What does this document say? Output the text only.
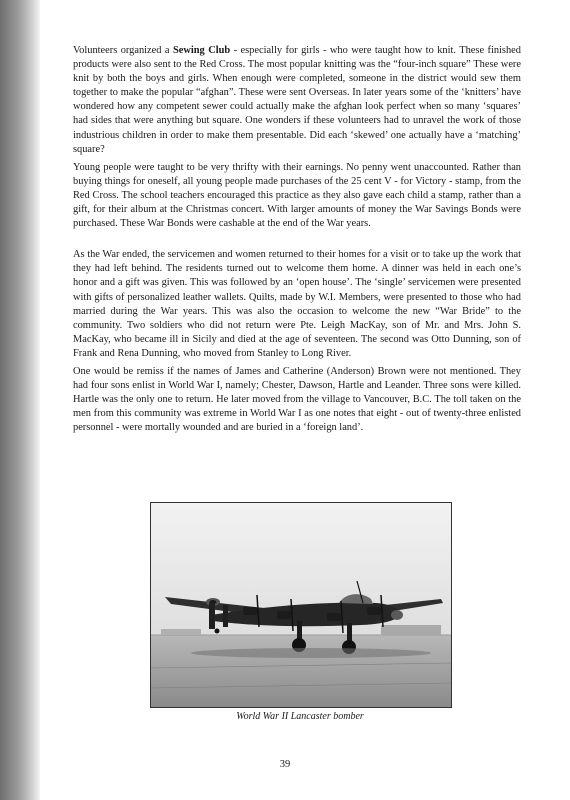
Volunteers organized a Sewing Club - especially for girls - who were taught how to knit. These finished products were also sent to the Red Cross. The most popular knitting was the “four-inch square” These were knit by both the boys and girls. When enough were completed, someone in the district would sew them together to make the popular “afghan”. These were sent Overseas. In later years some of the ‘knitters’ have wondered how any competent sewer could actually make the afghan look perfect when so many ‘squares’ had sides that were anything but square. One wonders if these volunteers had to unravel the work of those industrious children in order to make them presentable. Did each ‘skewed’ one actually have a ‘matching’ square?

Young people were taught to be very thrifty with their earnings. No penny went unaccounted. Rather than buying things for oneself, all young people made purchases of the 25 cent V - for Victory - stamp, from the Red Cross. The school teachers encouraged this practice as they also gave each child a stamp, rather than a gift, for their album at the Christmas concert. With larger amounts of money the War Savings Bonds were purchased. These War Bonds were cashable at the end of the War years.

As the War ended, the servicemen and women returned to their homes for a visit or to take up the work that they had left behind. The residents turned out to welcome them home. A dinner was held in each one’s honor and a gift was given. This was followed by an ‘open house’. The ‘single’ servicemen were presented with gifts of personalized leather wallets. Quilts, made by W.I. Members, were presented to those who had married during the War years. This was also the occasion to welcome the new “War Bride” to the community. Two soldiers who did not return were Pte. Leigh MacKay, son of Mr. and Mrs. John S. MacKay, who became ill in Sicily and died at the age of seventeen. The second was Otto Dunning, son of Frank and Rena Dunning, who moved from Stanley to Long River.

One would be remiss if the names of James and Catherine (Anderson) Brown were not mentioned. They had four sons enlist in World War I, namely; Chester, Dawson, Hartle and Leander. Three sons were killed. Hartle was the only one to return. He later moved from the village to Vancouver, B.C. The toll taken on the men from this community was extreme in World War I as one notes that eight - out of twenty-three enlisted personnel - were mortally wounded and are buried in a ‘foreign land’.

World War II Lancaster bomber
39
